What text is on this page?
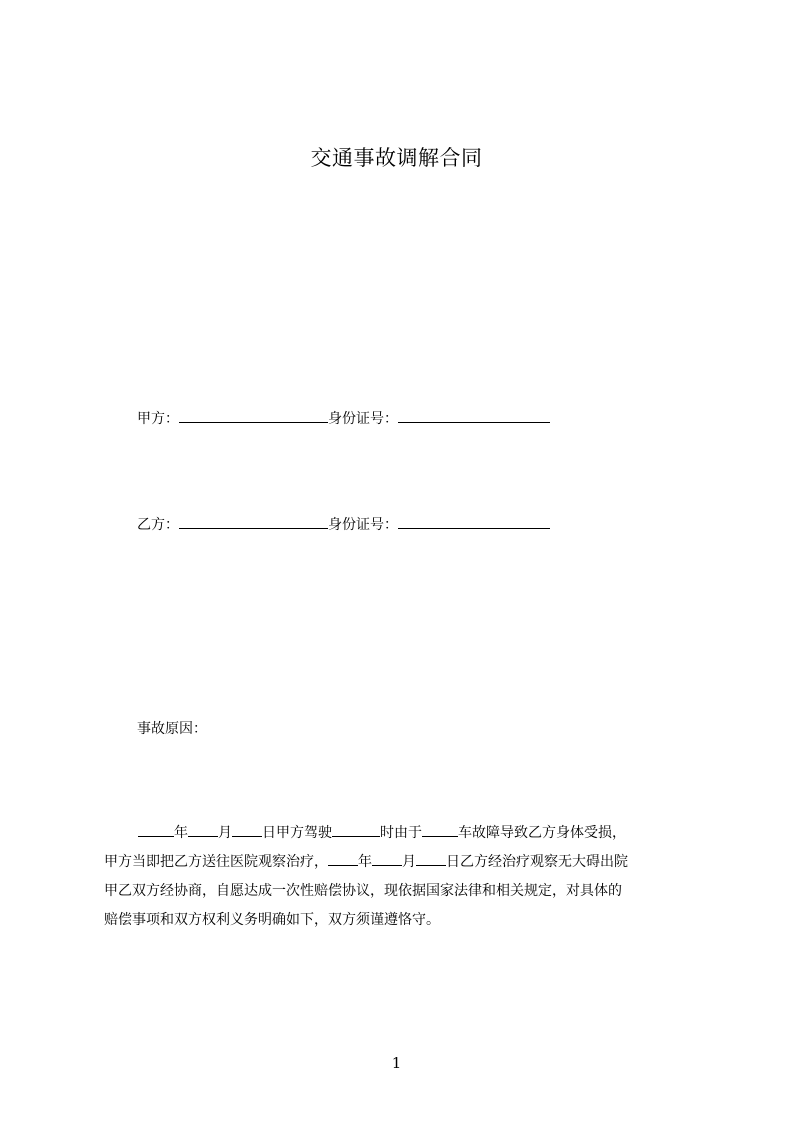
交通事故调解合同
甲方：	身份证号：
乙方：	身份证号：
事故原因：
年 月 日甲方驾驶	时由于	车故障导致乙方身体受损，
甲方当即把乙方送往医院观察治疗， 年 月 日乙方经治疗观察无大碍出院
甲乙双方经协商，自愿达成一次性赔偿协议，现依据国家法律和相关规定，对具体的
赔偿事项和双方权利义务明确如下，双方须谨遵恪守。
1
